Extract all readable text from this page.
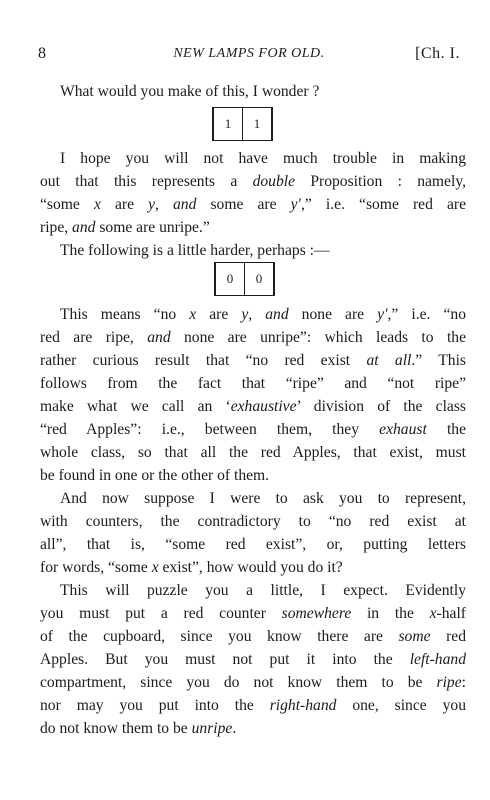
8	NEW LAMPS FOR OLD.	[Ch. I.
What would you make of this, I wonder ?
1	1
I hope you will not have much trouble in making
out that this represents a double Proposition : namely,
“some x are y, and some are y′,” i.e. “some red are
ripe, and some are unripe.”
The following is a little harder, perhaps :—
0	0
This means “no x are y, and none are y′,” i.e. “no
red are ripe, and none are unripe”: which leads to the
rather curious result that “no red exist at all.” This
follows from the fact that “ripe” and “not ripe”
make what we call an ‘exhaustive’ division of the class
“red Apples”: i.e., between them, they exhaust the
whole class, so that all the red Apples, that exist, must
be found in one or the other of them.
And now suppose I were to ask you to represent,
with counters, the contradictory to “no red exist at
all”, that is, “some red exist”, or, putting letters
for words, “some x exist”, how would you do it?
This will puzzle you a little, I expect. Evidently
you must put a red counter somewhere in the x-half
of the cupboard, since you know there are some red
Apples. But you must not put it into the left-hand
compartment, since you do not know them to be ripe:
nor may you put into the right-hand one, since you
do not know them to be unripe.
